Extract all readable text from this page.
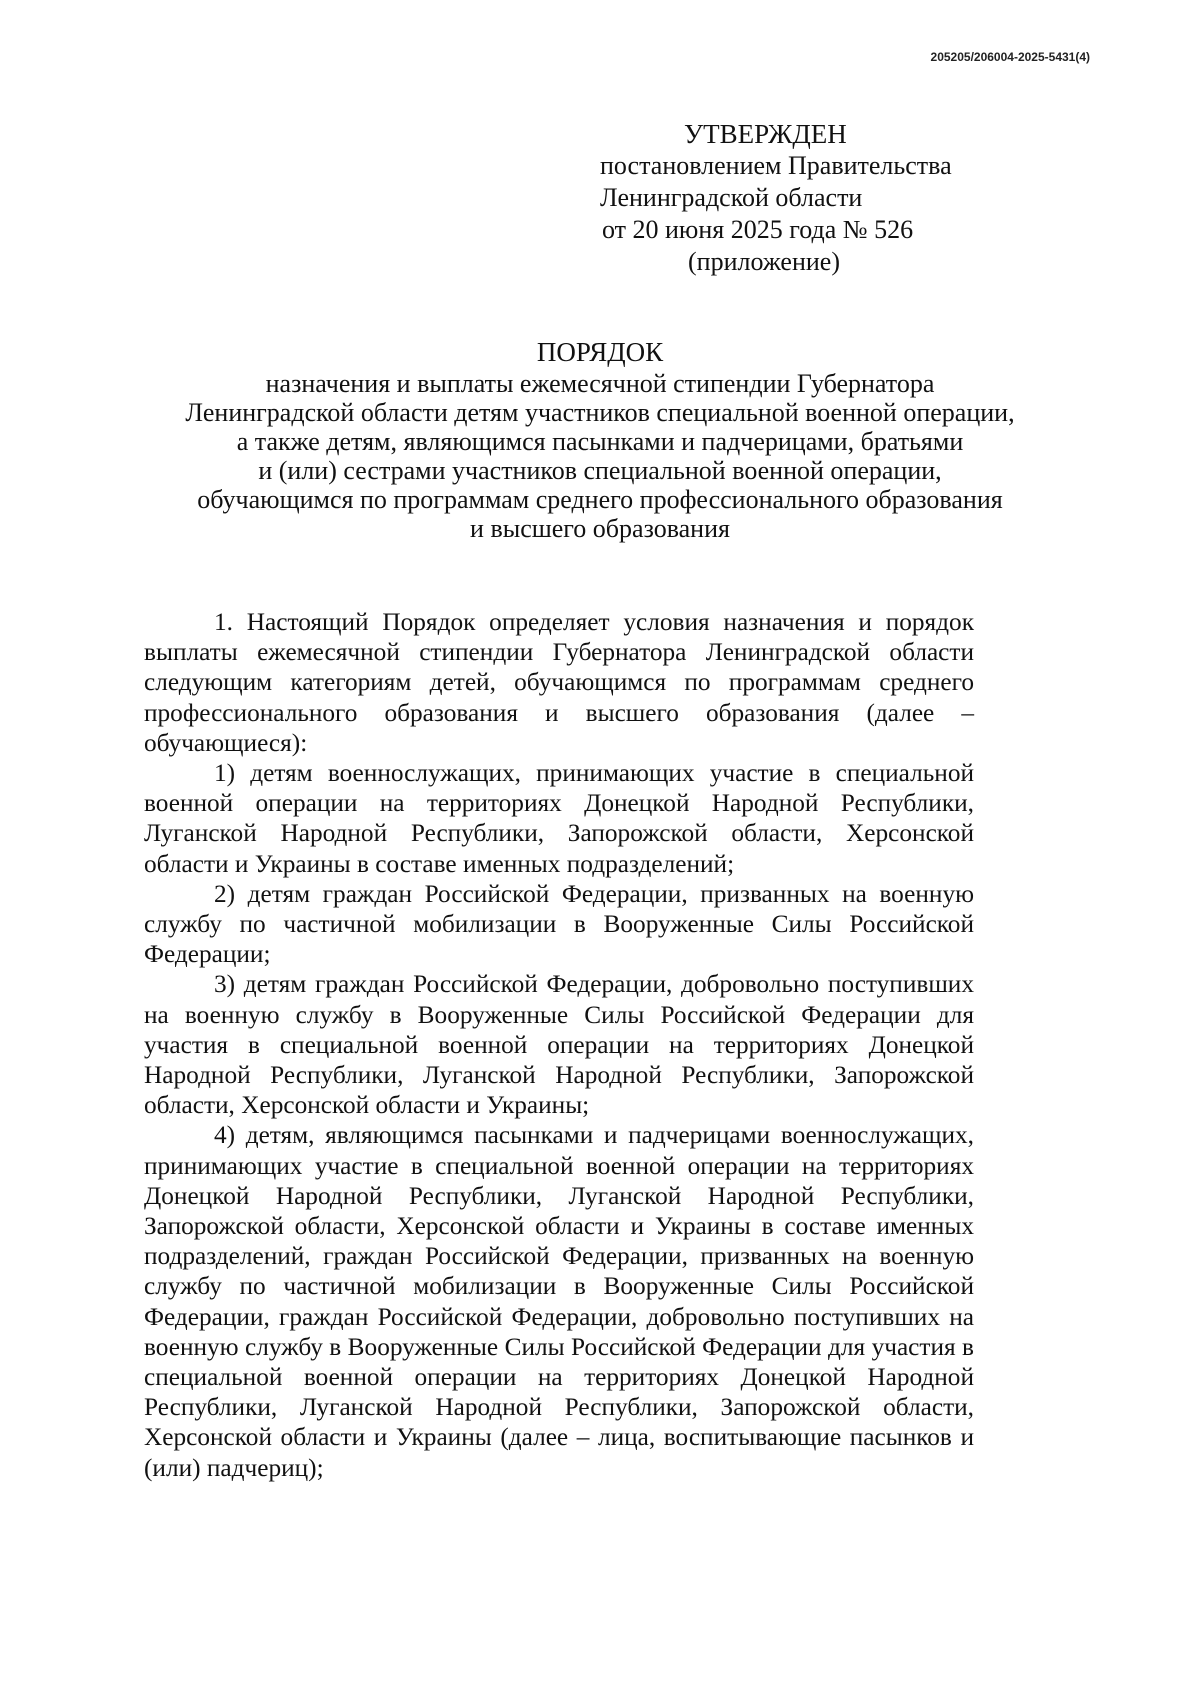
205205/206004-2025-5431(4)
УТВЕРЖДЕН
постановлением Правительства
Ленинградской области
от 20 июня 2025 года № 526
(приложение)
ПОРЯДОК
назначения и выплаты ежемесячной стипендии Губернатора
Ленинградской области детям участников специальной военной операции,
а также детям, являющимся пасынками и падчерицами, братьями
и (или) сестрами участников специальной военной операции,
обучающимся по программам среднего профессионального образования
и высшего образования

1. Настоящий Порядок определяет условия назначения и порядок выплаты ежемесячной стипендии Губернатора Ленинградской области следующим категориям детей, обучающимся по программам среднего профессионального образования и высшего образования (далее – обучающиеся):

1) детям военнослужащих, принимающих участие в специальной военной операции на территориях Донецкой Народной Республики, Луганской Народной Республики, Запорожской области, Херсонской области и Украины в составе именных подразделений;

2) детям граждан Российской Федерации, призванных на военную службу по частичной мобилизации в Вооруженные Силы Российской Федерации;

3) детям граждан Российской Федерации, добровольно поступивших на военную службу в Вооруженные Силы Российской Федерации для участия в специальной военной операции на территориях Донецкой Народной Республики, Луганской Народной Республики, Запорожской области, Херсонской области и Украины;

4) детям, являющимся пасынками и падчерицами военнослужащих, принимающих участие в специальной военной операции на территориях Донецкой Народной Республики, Луганской Народной Республики, Запорожской области, Херсонской области и Украины в составе именных подразделений, граждан Российской Федерации, призванных на военную службу по частичной мобилизации в Вооруженные Силы Российской Федерации, граждан Российской Федерации, добровольно поступивших на военную службу в Вооруженные Силы Российской Федерации для участия в специальной военной операции на территориях Донецкой Народной Республики, Луганской Народной Республики, Запорожской области, Херсонской области и Украины (далее – лица, воспитывающие пасынков и (или) падчериц);
